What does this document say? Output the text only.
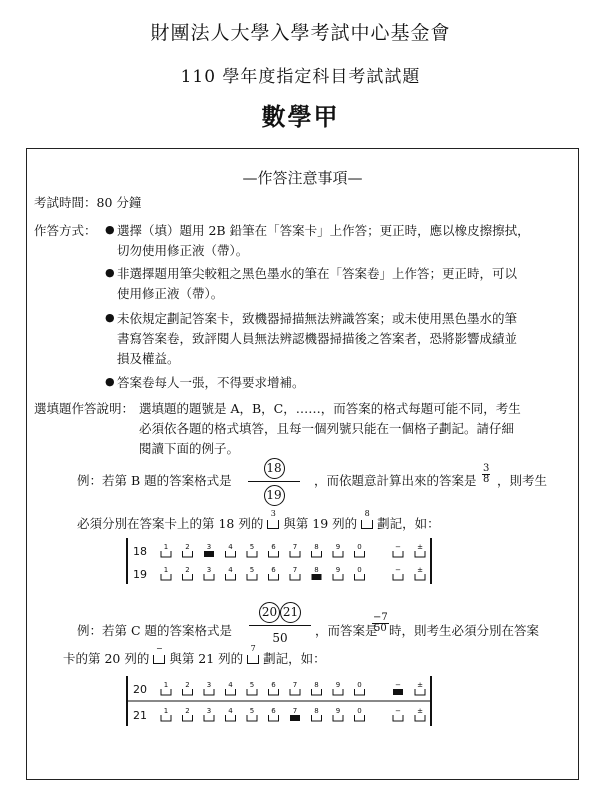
財團法人大學入學考試中心基金會
110 學年度指定科目考試試題
數學甲
—作答注意事項—
考試時間：80 分鐘
作答方式： ● 選擇（填）題用 2B 鉛筆在「答案卡」上作答；更正時，應以橡皮擦擦拭，
切勿使用修正液（帶）。
● 非選擇題用筆尖較粗之黑色墨水的筆在「答案卷」上作答；更正時，可以
使用修正液（帶）。
● 未依規定劃記答案卡，致機器掃描無法辨識答案；或未使用黑色墨水的筆
書寫答案卷，致評閱人員無法辨認機器掃描後之答案者，恐將影響成績並
損及權益。
● 答案卷每人一張，不得要求增補。
選填題作答說明： 選填題的題號是 A，B，C，……，而答案的格式每題可能不同，考生
必須依各題的格式填答，且每一個列號只能在一個格子劃記。請仔細
閱讀下面的例子。
例：若第 B 題的答案格式是
18
19
，而依題意計算出來的答案是 $\frac{3}{8}$ ，則考生
必須分別在答案卡上的第 18 列的
3
與第 19 列的
8
劃記，如：
18 1 2 3 4 5 6 7 8 9 0	− ±
19 1 2 3 4 5 6 7 8 9 0	− ±
20 21
50
例：若第 C 題的答案格式是	，而答案是
$\frac{-7}{50}$ 時，則考生必須分別在答案
卡的第 20 列的
−
與第 21 列的
7
劃記，如：
20 1 2 3 4 5 6 7 8 9 0	− ±
21 1 2 3 4 5 6 7 8 9 0	− ±
